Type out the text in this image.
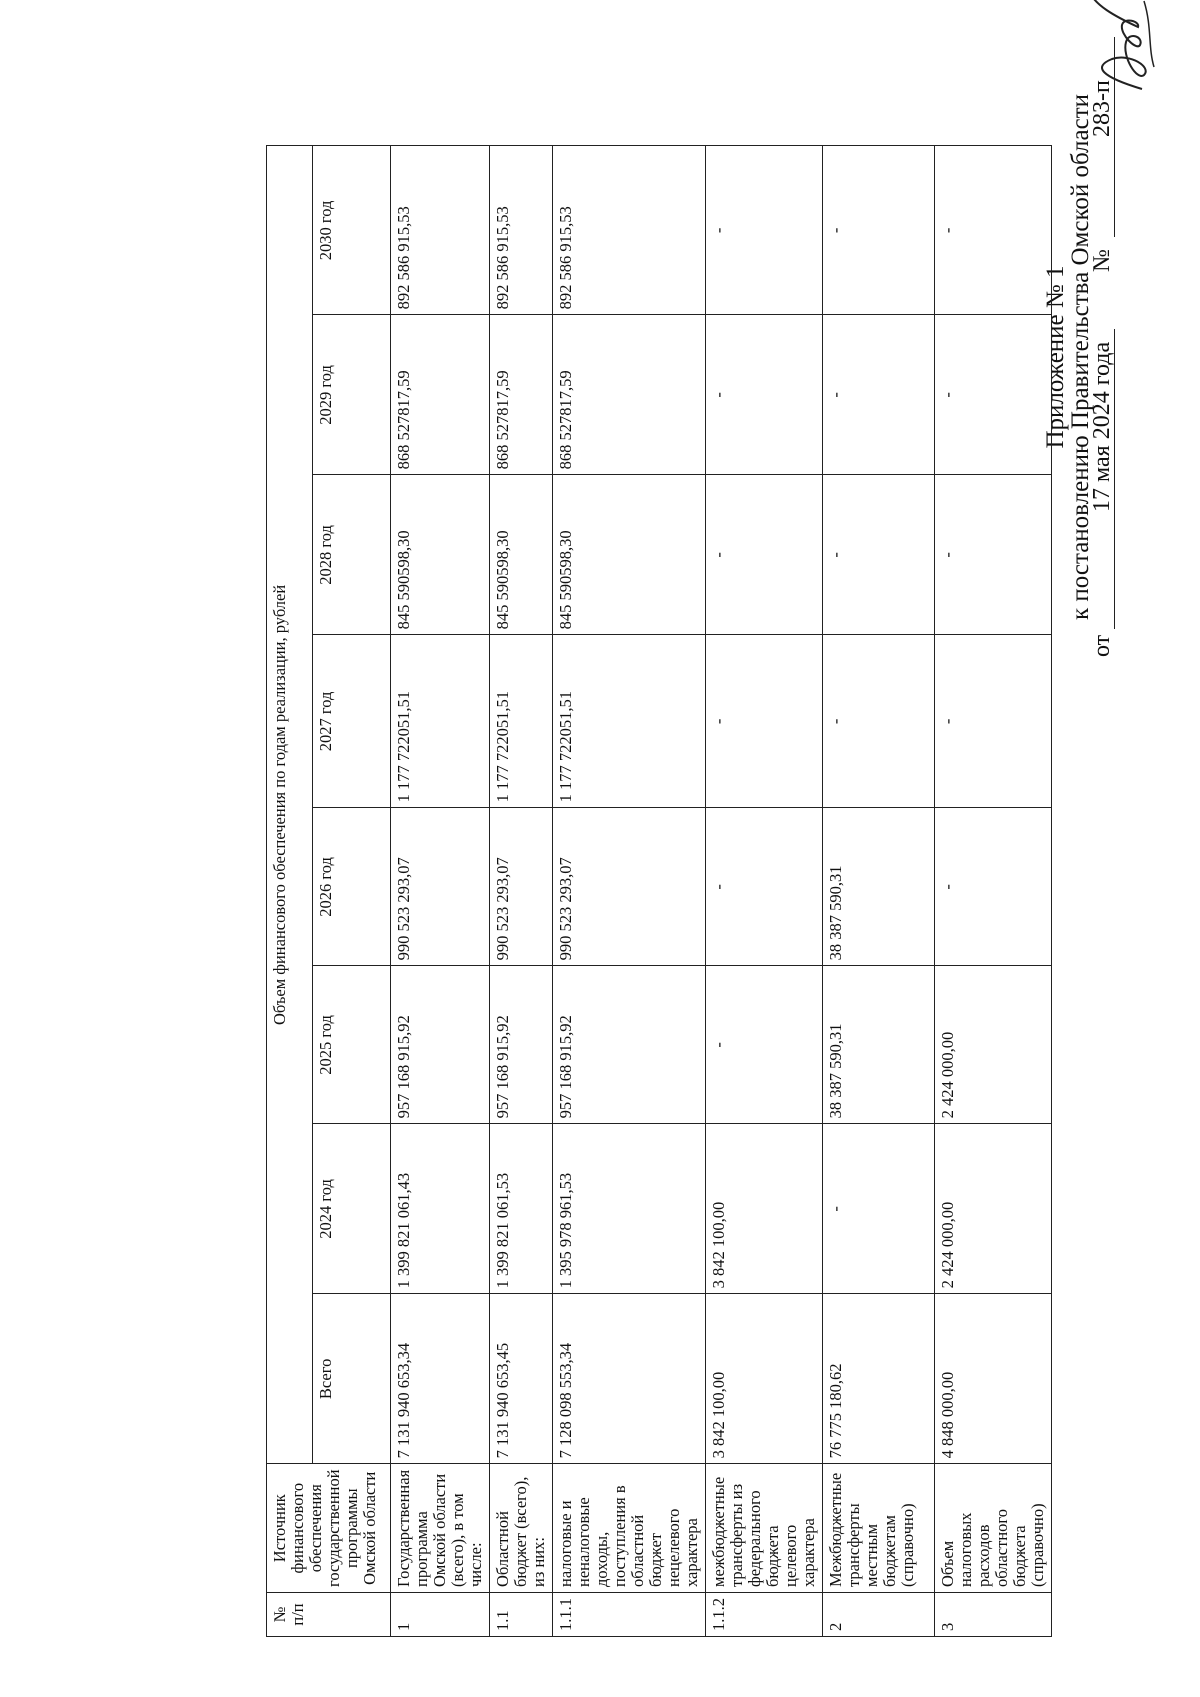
Приложение № 1
к постановлению Правительства Омской области
от
17 мая 2024 года
№
283-п
№ п/п	Источник финансового обеспечения государственной программы Омской области	Объем финансового обеспечения по годам реализации, рублей							
		Всего	2024 год	2025 год	2026 год	2027 год	2028 год	2029 год	2030 год
1	Государственная программа Омской области (всего), в том числе:	7 131 940 653,34	1 399 821 061,43	957 168 915,92	990 523 293,07	1 177 722051,51	845 590598,30	868 527817,59	892 586 915,53
1.1	Областной бюджет (всего), из них:	7 131 940 653,45	1 399 821 061,53	957 168 915,92	990 523 293,07	1 177 722051,51	845 590598,30	868 527817,59	892 586 915,53
1.1.1	налоговые и неналоговые доходы, поступления в областной бюджет нецелевого характера	7 128 098 553,34	1 395 978 961,53	957 168 915,92	990 523 293,07	1 177 722051,51	845 590598,30	868 527817,59	892 586 915,53
1.1.2	межбюджетные трансферты из федерального бюджета целевого характера	3 842 100,00	3 842 100,00	-	-	-	-	-	-
2	Межбюджетные трансферты местным бюджетам (справочно)	76 775 180,62	-	38 387 590,31	38 387 590,31	-	-	-	-
3	Объем налоговых расходов областного бюджета (справочно)	4 848 000,00	2 424 000,00	2 424 000,00	-	-	-	-	-
